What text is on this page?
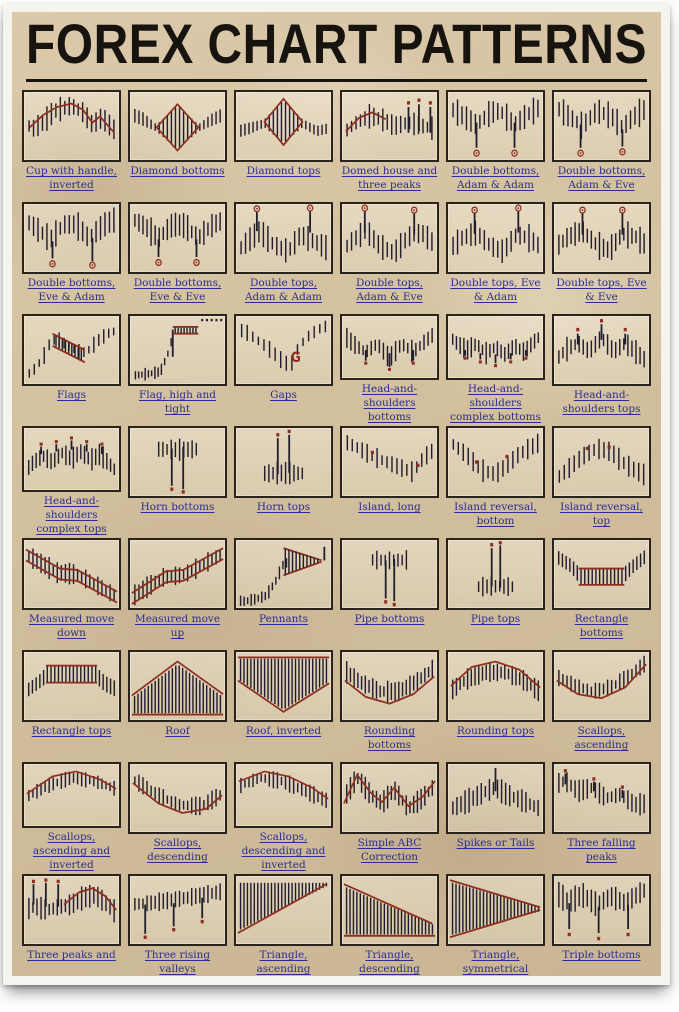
FOREX CHART PATTERNS
Cup with handle, inverted
Diamond bottoms Diamond tops Domed house and three peaks
Double bottoms, Adam & Adam
Double bottoms, Adam & Eve
Double bottoms, Eve & Adam
Double bottoms, Eve & Eve
Double tops, Adam & Adam
Double tops, Adam & Eve
Double tops, Eve & Adam
Double tops, Eve & Eve
Flags	Flag, high and tight
G
Gaps	Head-and-shoulders bottoms
Head-and-shoulders complex bottoms
Head-and-shoulders tops
Head-and-shoulders complex tops
Horn bottoms	Horn tops	Island, long	Island reversal, bottom
Island reversal, top
Measured move down
Measured move up
Pennants	Pipe bottoms	Pipe tops	Rectangle bottoms
Rectangle tops	Roof	Roof, inverted	Rounding bottoms
Rounding tops	Scallops, ascending
Scallops, ascending and inverted
Scallops, descending
Scallops, descending and inverted
Simple ABC Correction
Spikes or Tails	Three falling peaks
Three peaks and	Three rising valleys
Triangle, ascending
Triangle, descending
Triangle, symmetrical
Triple bottoms
